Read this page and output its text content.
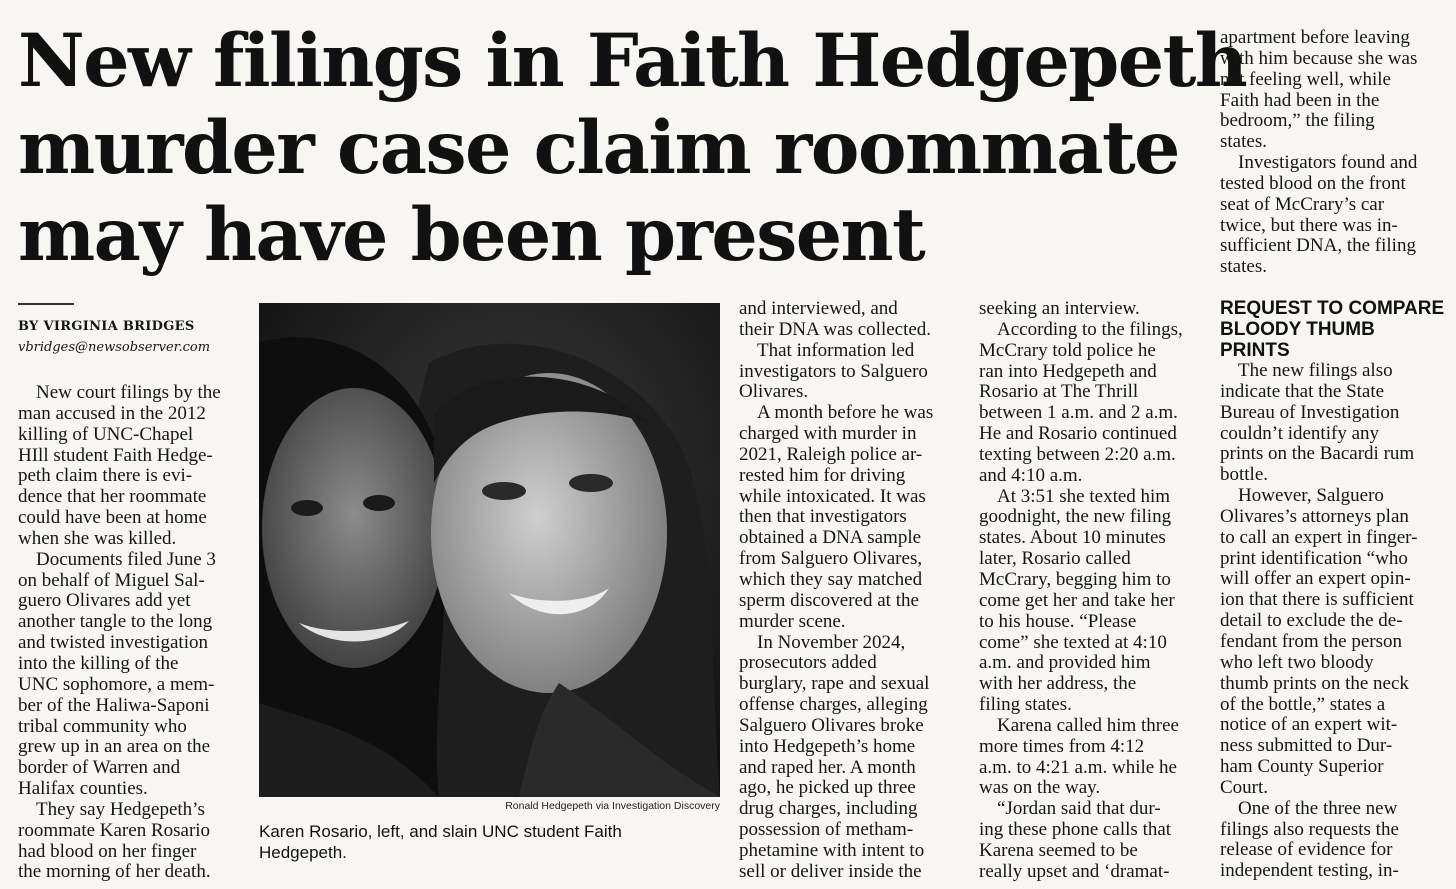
New filings in Faith Hedgepeth
murder case claim roommate
may have been present
BY VIRGINIA BRIDGES
vbridges@newsobserver.com

New court filings by the
man accused in the 2012
killing of UNC-Chapel
HIll student Faith Hedge-
peth claim there is evi-
dence that her roommate
could have been at home
when she was killed.

Documents filed June 3
on behalf of Miguel Sal-
guero Olivares add yet
another tangle to the long
and twisted investigation
into the killing of the
UNC sophomore, a mem-
ber of the Haliwa-Saponi
tribal community who
grew up in an area on the
border of Warren and
Halifax counties.

They say Hedgepeth’s
roommate Karen Rosario
had blood on her finger
the morning of her death.

Ronald Hedgepeth via Investigation Discovery
Karen Rosario, left, and slain UNC student Faith
Hedgepeth.

and interviewed, and
their DNA was collected.

That information led
investigators to Salguero
Olivares.

A month before he was
charged with murder in
2021, Raleigh police ar-
rested him for driving
while intoxicated. It was
then that investigators
obtained a DNA sample
from Salguero Olivares,
which they say matched
sperm discovered at the
murder scene.

In November 2024,
prosecutors added
burglary, rape and sexual
offense charges, alleging
Salguero Olivares broke
into Hedgepeth’s home
and raped her. A month
ago, he picked up three
drug charges, including
possession of metham-
phetamine with intent to
sell or deliver inside the

seeking an interview.

According to the filings,
McCrary told police he
ran into Hedgepeth and
Rosario at The Thrill
between 1 a.m. and 2 a.m.
He and Rosario continued
texting between 2:20 a.m.
and 4:10 a.m.

At 3:51 she texted him
goodnight, the new filing
states. About 10 minutes
later, Rosario called
McCrary, begging him to
come get her and take her
to his house. “Please
come” she texted at 4:10
a.m. and provided him
with her address, the
filing states.

Karena called him three
more times from 4:12
a.m. to 4:21 a.m. while he
was on the way.

“Jordan said that dur-
ing these phone calls that
Karena seemed to be
really upset and ‘dramat-

apartment before leaving
with him because she was
not feeling well, while
Faith had been in the
bedroom,” the filing
states.

Investigators found and
tested blood on the front
seat of McCrary’s car
twice, but there was in-
sufficient DNA, the filing
states.

REQUEST TO COMPARE
BLOODY THUMB
PRINTS

The new filings also
indicate that the State
Bureau of Investigation
couldn’t identify any
prints on the Bacardi rum
bottle.

However, Salguero
Olivares’s attorneys plan
to call an expert in finger-
print identification “who
will offer an expert opin-
ion that there is sufficient
detail to exclude the de-
fendant from the person
who left two bloody
thumb prints on the neck
of the bottle,” states a
notice of an expert wit-
ness submitted to Dur-
ham County Superior
Court.

One of the three new
filings also requests the
release of evidence for
independent testing, in-
